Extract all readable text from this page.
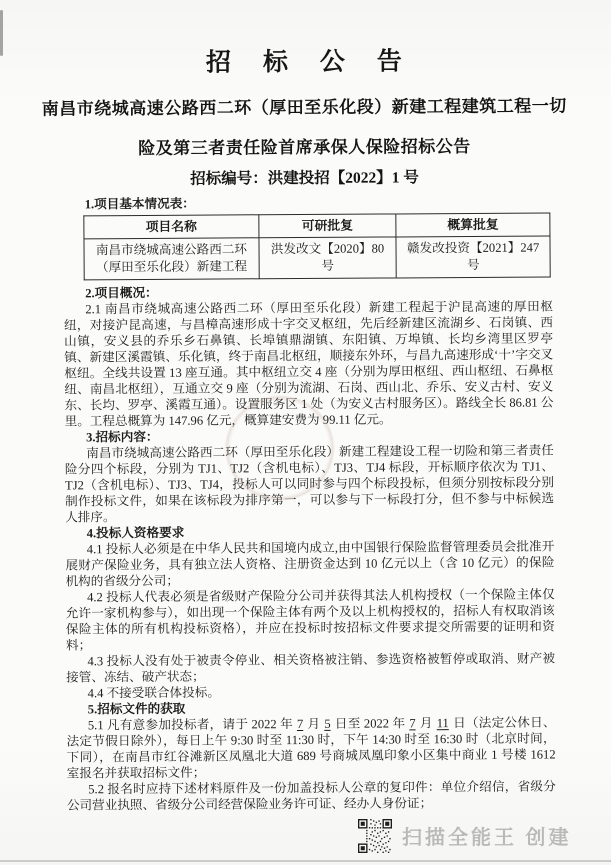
招 标 公 告
南昌市绕城高速公路西二环（厚田至乐化段）新建工程建筑工程一切
险及第三者责任险首席承保人保险招标公告
招标编号：洪建投招【2022】1 号

1.项目基本情况表：

项目名称	可研批复	概算批复
南昌市绕城高速公路西二环（厚田至乐化段）新建工程	洪发改文【2020】80 号	赣发改投资【2021】247 号

2.项目概况：

2.1 南昌市绕城高速公路西二环（厚田至乐化段）新建工程起于沪昆高速的厚田枢纽，对接沪昆高速，与昌樟高速形成十字交叉枢纽，先后经新建区流湖乡、石岗镇、西山镇，安义县的乔乐乡石鼻镇、长埠镇鼎湖镇、东阳镇、万埠镇、长均乡湾里区罗亭镇、新建区溪霞镇、乐化镇，终于南昌北枢纽，顺接东外环，与昌九高速形成‘十’字交叉枢纽。全线共设置 13 座互通。其中枢纽立交 4 座（分别为厚田枢纽、西山枢纽、石鼻枢纽、南昌北枢纽），互通立交 9 座（分别为流湖、石岗、西山北、乔乐、安义古村、安义东、长均、罗亭、溪霞互通）。设置服务区 1 处（为安义古村服务区）。路线全长 86.81 公里。工程总概算为 147.96 亿元，概算建安费为 99.11 亿元。

3.招标内容：

南昌市绕城高速公路西二环（厚田至乐化段）新建工程建设工程一切险和第三者责任险分四个标段，分别为 TJ1、TJ2（含机电标）、TJ3、TJ4 标段，开标顺序依次为 TJ1、TJ2（含机电标）、TJ3、TJ4，投标人可以同时参与四个标段投标，但须分别按标段分别制作投标文件，如果在该标段为排序第一，可以参与下一标段打分，但不参与中标候选人排序。

4.投标人资格要求

4.1 投标人必须是在中华人民共和国境内成立,由中国银行保险监督管理委员会批准开展财产保险业务，具有独立法人资格、注册资金达到 10 亿元以上（含 10 亿元）的保险机构的省级分公司；

4.2 投标人代表必须是省级财产保险分公司并获得其法人机构授权（一个保险主体仅允许一家机构参与），如出现一个保险主体有两个及以上机构授权的，招标人有权取消该保险主体的所有机构投标资格），并应在投标时按招标文件要求提交所需要的证明和资料；

4.3 投标人没有处于被责令停业、相关资格被注销、参选资格被暂停或取消、财产被接管、冻结、破产状态；

4.4 不接受联合体投标。

5.招标文件的获取

5.1 凡有意参加投标者，请于 2022 年 7 月 5 日至 2022 年 7 月 11 日（法定公休日、法定节假日除外），每日上午 9:30 时至 11:30 时，下午 14:30 时至 16:30 时（北京时间，下同），在南昌市红谷滩新区凤凰北大道 689 号商城凤凰印象小区集中商业 1 号楼 1612 室报名并获取招标文件；

5.2 报名时应持下述材料原件及一份加盖投标人公章的复印件：单位介绍信，省级分公司营业执照、省级分公司经营保险业务许可证、经办人身份证；

扫描全能王 创建
